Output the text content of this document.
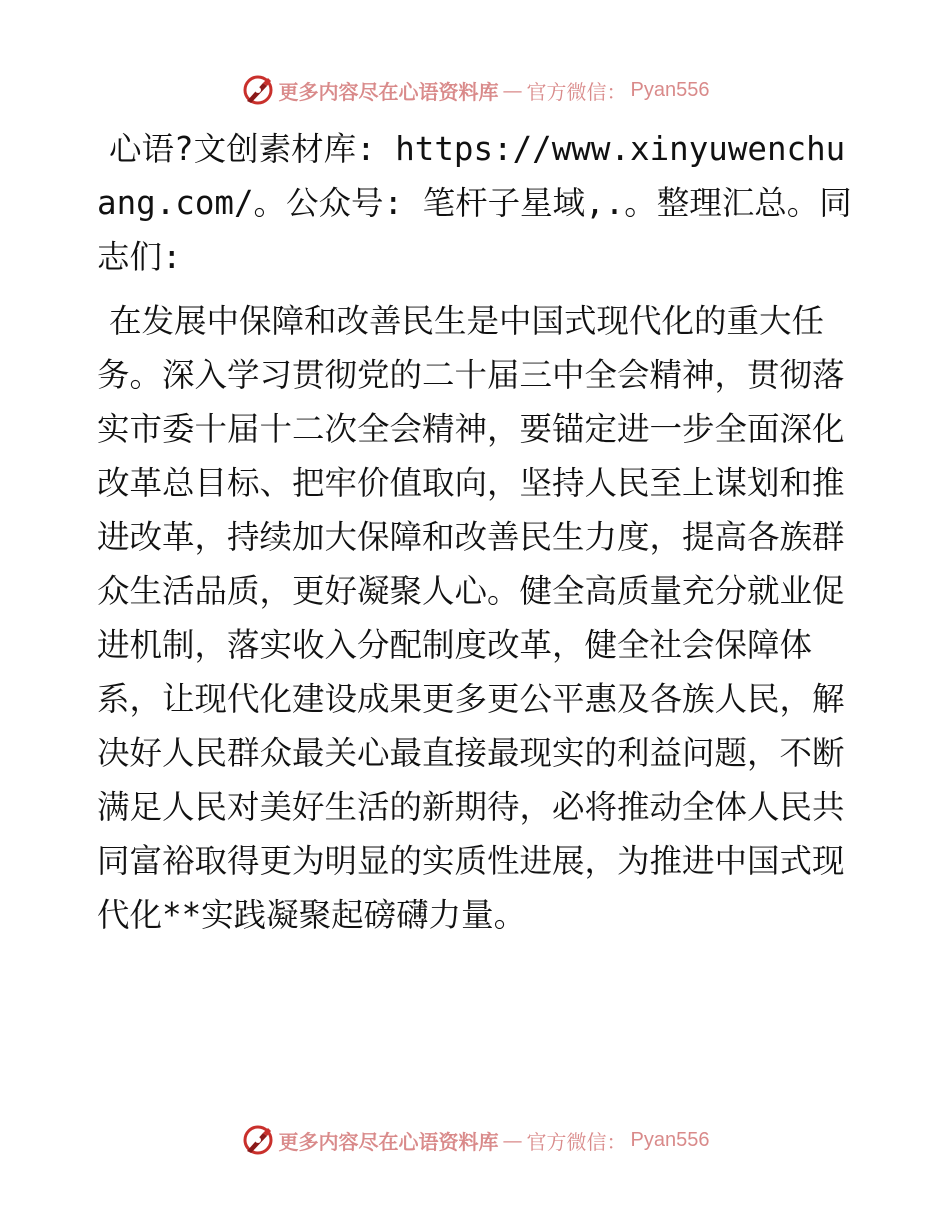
更多内容尽在心语资料库 — 官方微信： Pyan556

心语?文创素材库: https://www.xinyuwenchuang.com/。公众号: 笔杆子星域,.。整理汇总。同志们:

在发展中保障和改善民生是中国式现代化的重大任务。深入学习贯彻党的二十届三中全会精神，贯彻落实市委十届十二次全会精神，要锚定进一步全面深化改革总目标、把牢价值取向，坚持人民至上谋划和推进改革，持续加大保障和改善民生力度，提高各族群众生活品质，更好凝聚人心。健全高质量充分就业促进机制，落实收入分配制度改革，健全社会保障体系，让现代化建设成果更多更公平惠及各族人民，解决好人民群众最关心最直接最现实的利益问题，不断满足人民对美好生活的新期待，必将推动全体人民共同富裕取得更为明显的实质性进展，为推进中国式现代化**实践凝聚起磅礴力量。

更多内容尽在心语资料库 — 官方微信： Pyan556
